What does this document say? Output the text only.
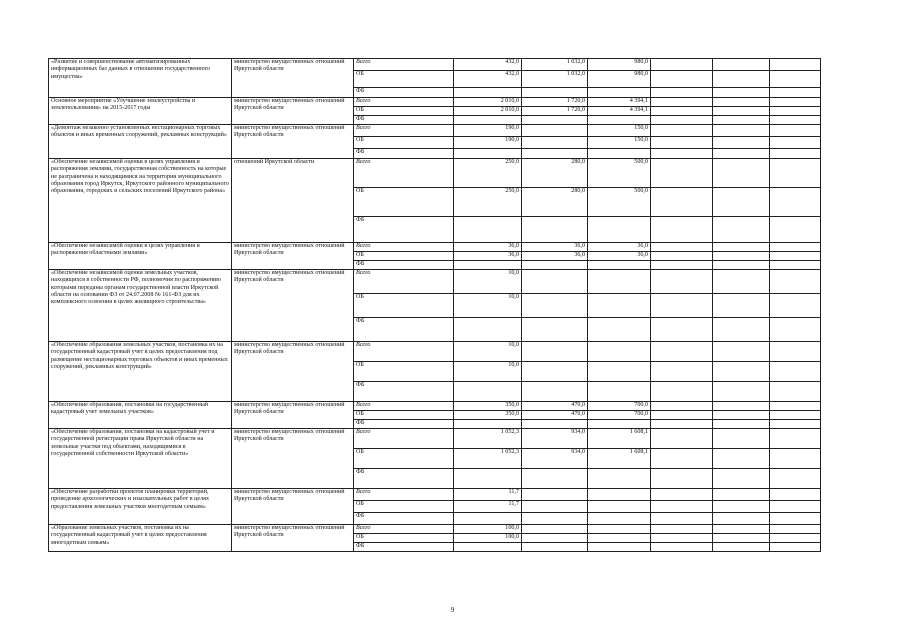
«Развитие и совершенствование автоматизированных информационных баз данных в отношении государственного имущества»	министерство имущественных отношений Иркутской области	Всего	432,0	1 032,0	980,0			
		ОБ	432,0	1 032,0	980,0			
		ФБ						
Основное мероприятие «Улучшение землеустройства и землепользования» на 2015-2017 годы	министерство имущественных отношений Иркутской области	Всего	2 010,0	1 720,0	4 394,1			
		ОБ	2 010,0	1 720,0	4 394,1			
		ФБ						
«Демонтаж незаконно установленных нестационарных торговых объектов и иных временных сооружений, рекламных конструкций»	министерство имущественных отношений Иркутской области	Всего	190,0		150,0			
		ОБ	190,0		150,0			
		ФБ						
«Обеспечение независимой оценки в целях управления и распоряжения землями, государственная собственность на которые не разграничена и находящимися на территории муниципального образования город Иркутск, Иркутского районного муниципального образования, городских и сельских поселений Иркутского района»	отношений Иркутской области	Всего	250,0	280,0	500,0			
		ОБ	250,0	280,0	500,0			
		ФБ						
«Обеспечение независимой оценки в целях управления и распоряжения областными землями»	министерство имущественных отношений Иркутской области	Всего	36,0	36,0	36,0			
		ОБ	36,0	36,0	36,0			
		ФБ						
«Обеспечение независимой оценки земельных участков, находящихся в собственности РФ, полномочия по распоряжению которыми переданы органам государственной власти Иркутской области на основании ФЗ от 24.07.2008 № 161-ФЗ для их комплексного освоения в целях жилищного строительства»	министерство имущественных отношений Иркутской области	Всего	10,0					
		ОБ	10,0					
		ФБ						
«Обеспечение образования земельных участков, постановка их на государственный кадастровый учет в целях предоставления под размещение нестационарных торговых объектов и иных временных сооружений, рекламных конструкций»	министерство имущественных отношений Иркутской области	Всего	10,0					
		ОБ	10,0					
		ФБ						
«Обеспечение образования, постановки на государственный кадастровый учет земельных участков»	министерство имущественных отношений Иркутской области	Всего	350,0	470,0	700,0			
		ОБ	350,0	470,0	700,0			
		ФБ						
«Обеспечение образования, постановки на кадастровый учет и государственной регистрации права Иркутской области на земельные участки под объектами, находящимися в государственной собственности Иркутской области»	министерство имущественных отношений Иркутской области	Всего	1 052,3	934,0	1 608,1			
		ОБ	1 052,3	934,0	1 608,1			
		ФБ						
«Обеспечение разработки проектов планировки территорий, проведение археологических и изыскательных работ в целях предоставления земельных участков многодетным семьям»	министерство имущественных отношений Иркутской области	Всего	11,7					
		ОБ	11,7					
		ФБ						
«Образование земельных участков, постановка их на государственный кадастровый учет в целях предоставления многодетным семьям»	министерство имущественных отношений Иркутской области	Всего	100,0					
		ОБ	100,0					
		ФБ						
9
